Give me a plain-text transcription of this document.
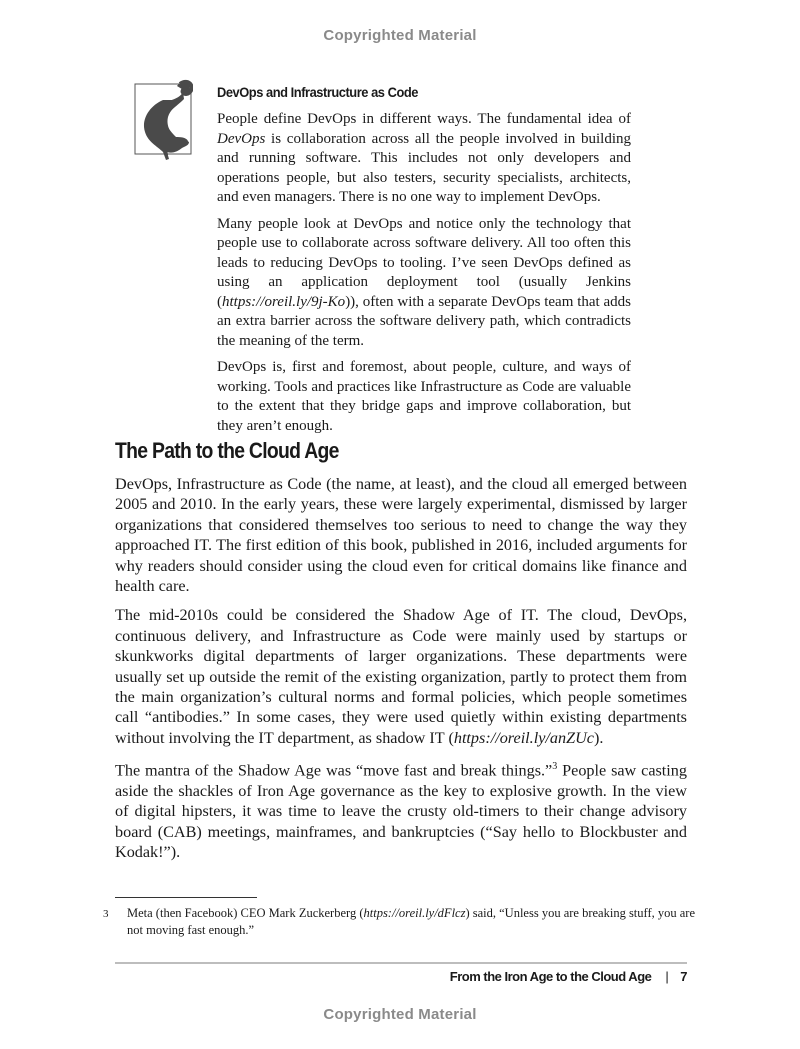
Copyrighted Material
DevOps and Infrastructure as Code

People define DevOps in different ways. The fundamental idea of DevOps is collaboration across all the people involved in building and running software. This includes not only developers and operations people, but also testers, security specialists, architects, and even managers. There is no one way to implement DevOps.

Many people look at DevOps and notice only the technology that people use to collaborate across software delivery. All too often this leads to reducing DevOps to tooling. I’ve seen DevOps defined as using an application deployment tool (usually Jenkins (https://oreil.ly/9j-Ko)), often with a separate DevOps team that adds an extra barrier across the software delivery path, which contradicts the meaning of the term.

DevOps is, first and foremost, about people, culture, and ways of working. Tools and practices like Infrastructure as Code are valuable to the extent that they bridge gaps and improve collaboration, but they aren’t enough.

The Path to the Cloud Age

DevOps, Infrastructure as Code (the name, at least), and the cloud all emerged between 2005 and 2010. In the early years, these were largely experimental, dismissed by larger organizations that considered themselves too serious to need to change the way they approached IT. The first edition of this book, published in 2016, included arguments for why readers should consider using the cloud even for critical domains like finance and health care.

The mid-2010s could be considered the Shadow Age of IT. The cloud, DevOps, continuous delivery, and Infrastructure as Code were mainly used by startups or skunkworks digital departments of larger organizations. These departments were usually set up outside the remit of the existing organization, partly to protect them from the main organization’s cultural norms and formal policies, which people sometimes call “antibodies.” In some cases, they were used quietly within existing departments without involving the IT department, as shadow IT (https://oreil.ly/anZUc).

The mantra of the Shadow Age was “move fast and break things.”$^3$ People saw casting aside the shackles of Iron Age governance as the key to explosive growth. In the view of digital hipsters, it was time to leave the crusty old-timers to their change advisory board (CAB) meetings, mainframes, and bankruptcies (“Say hello to Blockbuster and Kodak!”).

3 Meta (then Facebook) CEO Mark Zuckerberg (https://oreil.ly/dFlcz) said, “Unless you are breaking stuff, you are not moving fast enough.”
From the Iron Age to the Cloud Age | 7
Copyrighted Material
